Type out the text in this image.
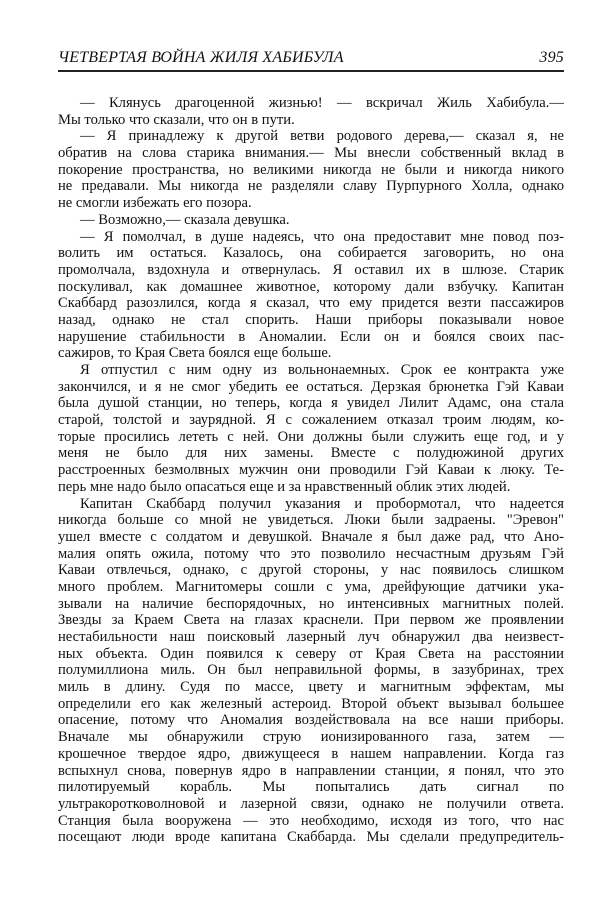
ЧЕТВЕРТАЯ ВОЙНА ЖИЛЯ ХАБИБУЛА	395
— Клянусь драгоценной жизнью! — вскричал Жиль Хабибула.—
Мы только что сказали, что он в пути.
— Я принадлежу к другой ветви родового дерева,— сказал я, не
обратив на слова старика внимания.— Мы внесли собственный вклад в
покорение пространства, но великими никогда не были и никогда никого
не предавали. Мы никогда не разделяли славу Пурпурного Холла, однако
не смогли избежать его позора.
— Возможно,— сказала девушка.
— Я помолчал, в душе надеясь, что она предоставит мне повод поз-
волить им остаться. Казалось, она собирается заговорить, но она
промолчала, вздохнула и отвернулась. Я оставил их в шлюзе. Старик
поскуливал, как домашнее животное, которому дали взбучку. Капитан
Скаббард разозлился, когда я сказал, что ему придется везти пассажиров
назад, однако не стал спорить. Наши приборы показывали новое
нарушение стабильности в Аномалии. Если он и боялся своих пас-
сажиров, то Края Света боялся еще больше.
Я отпустил с ним одну из вольнонаемных. Срок ее контракта уже
закончился, и я не смог убедить ее остаться. Дерзкая брюнетка Гэй Каваи
была душой станции, но теперь, когда я увидел Лилит Адамс, она стала
старой, толстой и заурядной. Я с сожалением отказал троим людям, ко-
торые просились лететь с ней. Они должны были служить еще год, и у
меня не было для них замены. Вместе с полудюжиной других
расстроенных безмолвных мужчин они проводили Гэй Каваи к люку. Те-
перь мне надо было опасаться еще и за нравственный облик этих людей.
Капитан Скаббард получил указания и пробормотал, что надеется
никогда больше со мной не увидеться. Люки были задраены. "Эревон"
ушел вместе с солдатом и девушкой. Вначале я был даже рад, что Ано-
малия опять ожила, потому что это позволило несчастным друзьям Гэй
Каваи отвлечься, однако, с другой стороны, у нас появилось слишком
много проблем. Магнитомеры сошли с ума, дрейфующие датчики ука-
зывали на наличие беспорядочных, но интенсивных магнитных полей.
Звезды за Краем Света на глазах краснели. При первом же проявлении
нестабильности наш поисковый лазерный луч обнаружил два неизвест-
ных объекта. Один появился к северу от Края Света на расстоянии
полумиллиона миль. Он был неправильной формы, в зазубринах, трех
миль в длину. Судя по массе, цвету и магнитным эффектам, мы
определили его как железный астероид. Второй объект вызывал большее
опасение, потому что Аномалия воздействовала на все наши приборы.
Вначале мы обнаружили струю ионизированного газа, затем —
крошечное твердое ядро, движущееся в нашем направлении. Когда газ
вспыхнул снова, повернув ядро в направлении станции, я понял, что это
пилотируемый корабль. Мы попытались дать сигнал по
ультракоротковолновой и лазерной связи, однако не получили ответа.
Станция была вооружена — это необходимо, исходя из того, что нас
посещают люди вроде капитана Скаббарда. Мы сделали предупредитель-
